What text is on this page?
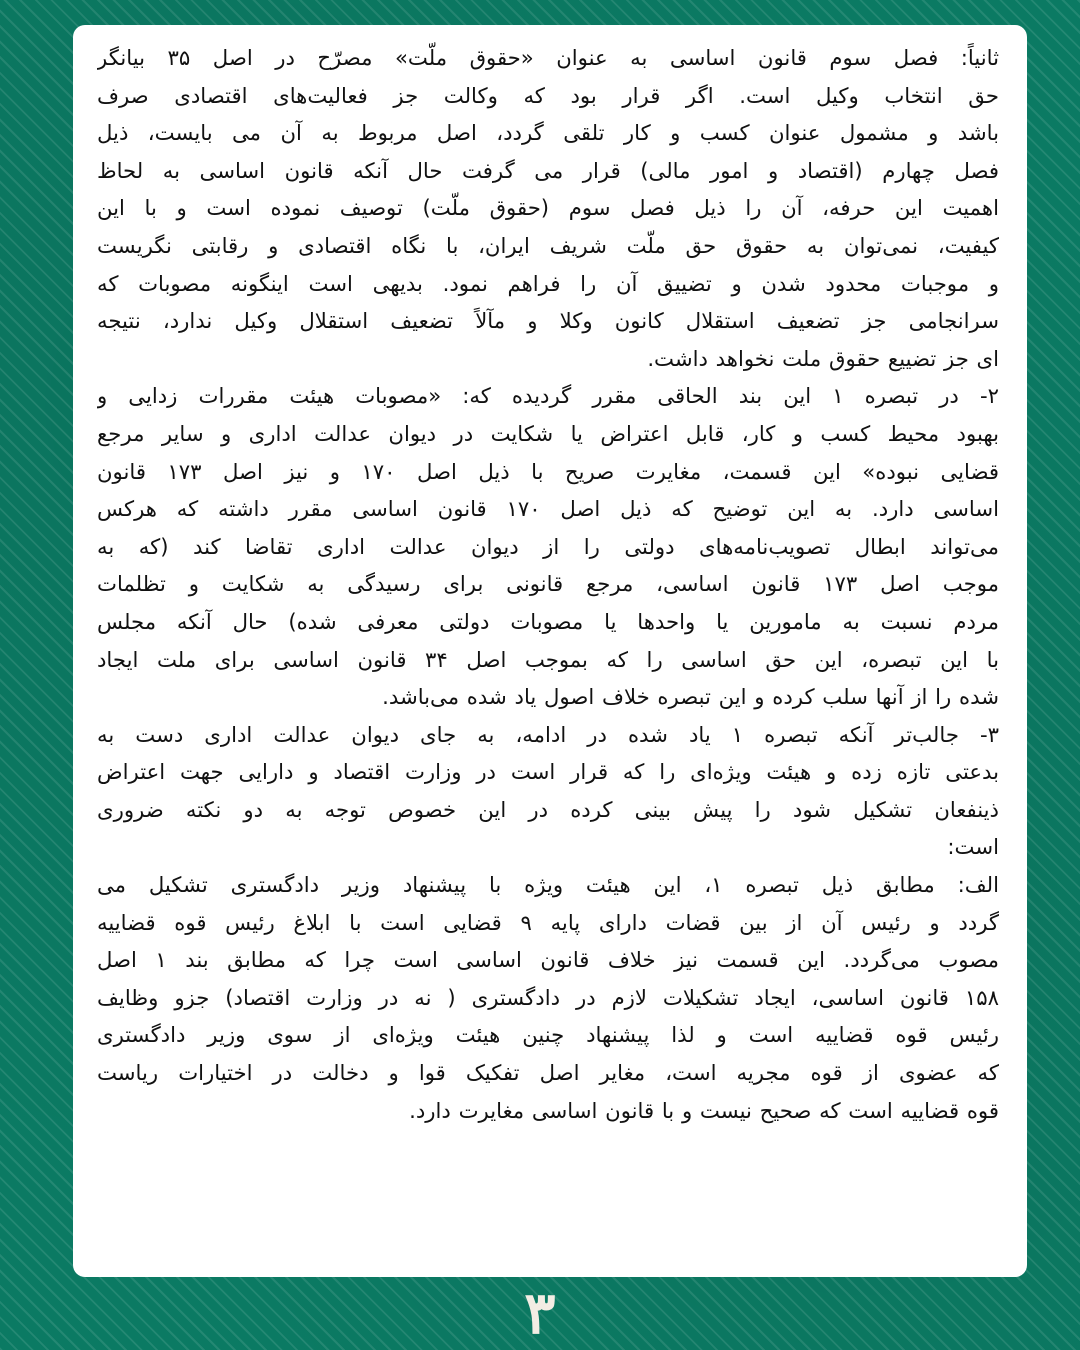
ثانیاً: فصل سوم قانون اساسی به عنوان «حقوق ملّت» مصرّح در اصل ۳۵ بیانگر
حق انتخاب وکیل است. اگر قرار بود که وکالت جز فعالیت‌های اقتصادی صرف
باشد و مشمول عنوان کسب و کار تلقی گردد، اصل مربوط به آن می بایست، ذیل
فصل چهارم (اقتصاد و امور مالی) قرار می گرفت حال آنکه قانون اساسی به لحاظ
اهمیت این حرفه، آن را ذیل فصل سوم (حقوق ملّت) توصیف نموده است و با این
کیفیت، نمی‌توان به حقوق حق ملّت شریف ایران، با نگاه اقتصادی و رقابتی نگریست
و موجبات محدود شدن و تضییق آن را فراهم نمود. بدیهی است اینگونه مصوبات که
سرانجامی جز تضعیف استقلال کانون وکلا و مآلاً تضعیف استقلال وکیل ندارد، نتیجه
ای جز تضییع حقوق ملت نخواهد داشت.
۲- در تبصره ۱ این بند الحاقی مقرر گردیده که: «مصوبات هیئت مقررات زدایی و
بهبود محیط کسب و کار، قابل اعتراض یا شکایت در دیوان عدالت اداری و سایر مرجع
قضایی نبوده» این قسمت، مغایرت صریح با ذیل اصل ۱۷۰ و نیز اصل ۱۷۳ قانون
اساسی دارد. به این توضیح که ذیل اصل ۱۷۰ قانون اساسی مقرر داشته که هرکس
می‌تواند ابطال تصویب‌نامه‌های دولتی را از دیوان عدالت اداری تقاضا کند (که به
موجب اصل ۱۷۳ قانون اساسی، مرجع قانونی برای رسیدگی به شکایت و تظلمات
مردم نسبت به مامورین یا واحدها یا مصوبات دولتی معرفی شده) حال آنکه مجلس
با این تبصره، این حق اساسی را که بموجب اصل ۳۴ قانون اساسی برای ملت ایجاد
شده را از آنها سلب کرده و این تبصره خلاف اصول یاد شده می‌باشد.
۳- جالب‌تر آنکه تبصره ۱ یاد شده در ادامه، به جای دیوان عدالت اداری دست به
بدعتی تازه زده و هیئت ویژه‌ای را که قرار است در وزارت اقتصاد و دارایی جهت اعتراض
ذینفعان تشکیل شود را پیش بینی کرده در این خصوص توجه به دو نکته ضروری
است:
الف: مطابق ذیل تبصره ۱، این هیئت ویژه با پیشنهاد وزیر دادگستری تشکیل می
گردد و رئیس آن از بین قضات دارای پایه ۹ قضایی است با ابلاغ رئیس قوه قضاییه
مصوب می‌گردد. این قسمت نیز خلاف قانون اساسی است چرا که مطابق بند ۱ اصل
۱۵۸ قانون اساسی، ایجاد تشکیلات لازم در دادگستری ( نه در وزارت اقتصاد) جزو وظایف
رئیس قوه قضاییه است و لذا پیشنهاد چنین هیئت ویژه‌ای از سوی وزیر دادگستری
که عضوی از قوه مجریه است، مغایر اصل تفکیک قوا و دخالت در اختیارات ریاست
قوه قضاییه است که صحیح نیست و با قانون اساسی مغایرت دارد.
۳
